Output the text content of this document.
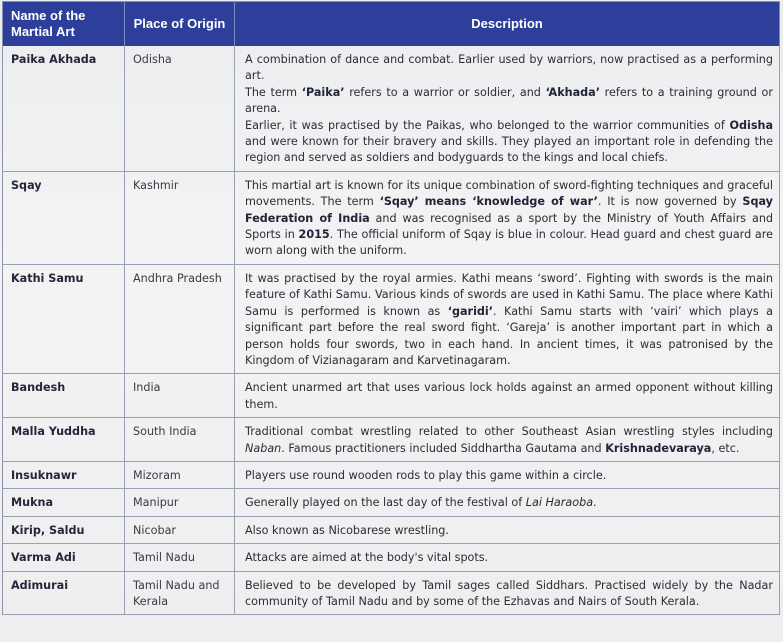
Name of the Martial Art	Place of Origin	Description
Paika Akhada	Odisha	A combination of dance and combat. Earlier used by warriors, now practised as a performing art.
The term ‘Paika’ refers to a warrior or soldier, and ‘Akhada’ refers to a training ground or arena.
Earlier, it was practised by the Paikas, who belonged to the warrior communities of Odisha and were known for their bravery and skills. They played an important role in defending the region and served as soldiers and bodyguards to the kings and local chiefs.

Sqay	Kashmir	This martial art is known for its unique combination of sword-fighting techniques and graceful movements. The term ‘Sqay’ means ‘knowledge of war’. It is now governed by Sqay Federation of India and was recognised as a sport by the Ministry of Youth Affairs and Sports in 2015. The official uniform of Sqay is blue in colour. Head guard and chest guard are worn along with the uniform.

Kathi Samu	Andhra Pradesh	It was practised by the royal armies. Kathi means ‘sword’. Fighting with swords is the main feature of Kathi Samu. Various kinds of swords are used in Kathi Samu. The place where Kathi Samu is performed is known as ‘garidi’. Kathi Samu starts with ‘vairi’ which plays a significant part before the real sword fight. ‘Gareja’ is another important part in which a person holds four swords, two in each hand. In ancient times, it was patronised by the Kingdom of Vizianagaram and Karvetinagaram.

Bandesh	India	Ancient unarmed art that uses various lock holds against an armed opponent without killing them.

Malla Yuddha	South India	Traditional combat wrestling related to other Southeast Asian wrestling styles including Naban. Famous practitioners included Siddhartha Gautama and Krishnadevaraya, etc.

Insuknawr	Mizoram	Players use round wooden rods to play this game within a circle.

Mukna	Manipur	Generally played on the last day of the festival of Lai Haraoba.

Kirip, Saldu	Nicobar	Also known as Nicobarese wrestling.

Varma Adi	Tamil Nadu	Attacks are aimed at the body's vital spots.

Adimurai	Tamil Nadu and Kerala	Believed to be developed by Tamil sages called Siddhars. Practised widely by the Nadar community of Tamil Nadu and by some of the Ezhavas and Nairs of South Kerala.
